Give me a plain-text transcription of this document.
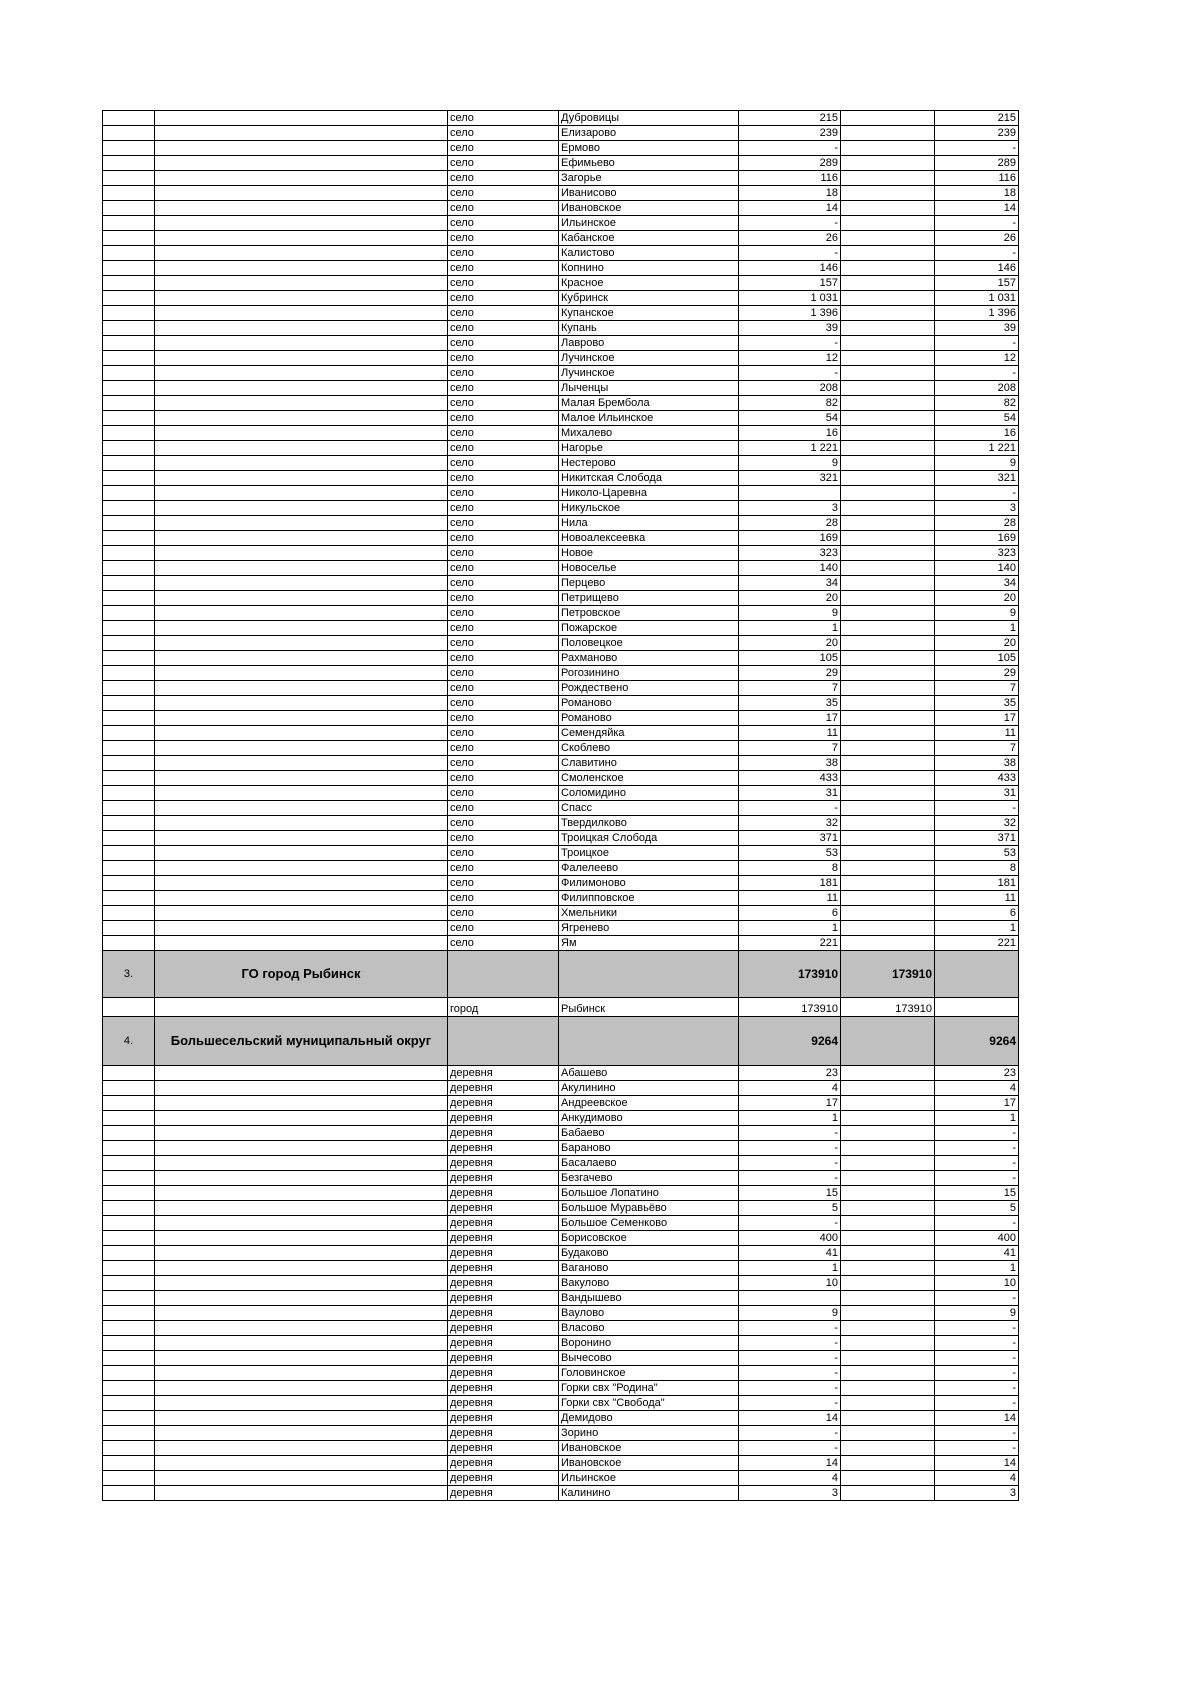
		село	Дубровицы	215		215
		село	Елизарово	239		239
		село	Ермово	-		-
		село	Ефимьево	289		289
		село	Загорье	116		116
		село	Иванисово	18		18
		село	Ивановское	14		14
		село	Ильинское	-		-
		село	Кабанское	26		26
		село	Калистово	-		-
		село	Копнино	146		146
		село	Красное	157		157
		село	Кубринск	1 031		1 031
		село	Купанское	1 396		1 396
		село	Купань	39		39
		село	Лаврово	-		-
		село	Лучинское	12		12
		село	Лучинское	-		-
		село	Лыченцы	208		208
		село	Малая Брембола	82		82
		село	Малое Ильинское	54		54
		село	Михалево	16		16
		село	Нагорье	1 221		1 221
		село	Нестерово	9		9
		село	Никитская Слобода	321		321
		село	Николо-Царевна			-
		село	Никульское	3		3
		село	Нила	28		28
		село	Новоалексеевка	169		169
		село	Новое	323		323
		село	Новоселье	140		140
		село	Перцево	34		34
		село	Петрищево	20		20
		село	Петровское	9		9
		село	Пожарское	1		1
		село	Половецкое	20		20
		село	Рахманово	105		105
		село	Рогозинино	29		29
		село	Рождествено	7		7
		село	Романово	35		35
		село	Романово	17		17
		село	Семендяйка	11		11
		село	Скоблево	7		7
		село	Славитино	38		38
		село	Смоленское	433		433
		село	Соломидино	31		31
		село	Спасс	-		-
		село	Твердилково	32		32
		село	Троицкая Слобода	371		371
		село	Троицкое	53		53
		село	Фалелеево	8		8
		село	Филимоново	181		181
		село	Филипповское	11		11
		село	Хмельники	6		6
		село	Ягренево	1		1
		село	Ям	221		221
3.	ГО город Рыбинск			173910	173910	
		город	Рыбинск	173910	173910	
4.	Большесельский муниципальный округ			9264		9264
		деревня	Абашево	23		23
		деревня	Акулинино	4		4
		деревня	Андреевское	17		17
		деревня	Анкудимово	1		1
		деревня	Бабаево	-		-
		деревня	Бараново	-		-
		деревня	Басалаево	-		-
		деревня	Безгачево	-		-
		деревня	Большое Лопатино	15		15
		деревня	Большое Муравьёво	5		5
		деревня	Большое Семенково	-		-
		деревня	Борисовское	400		400
		деревня	Будаково	41		41
		деревня	Ваганово	1		1
		деревня	Вакулово	10		10
		деревня	Вандышево			-
		деревня	Ваулово	9		9
		деревня	Власово	-		-
		деревня	Воронино	-		-
		деревня	Вычесово	-		-
		деревня	Головинское	-		-
		деревня	Горки свх "Родина"	-		-
		деревня	Горки свх "Свобода"	-		-
		деревня	Демидово	14		14
		деревня	Зорино	-		-
		деревня	Ивановское	-		-
		деревня	Ивановское	14		14
		деревня	Ильинское	4		4
		деревня	Калинино	3		3
